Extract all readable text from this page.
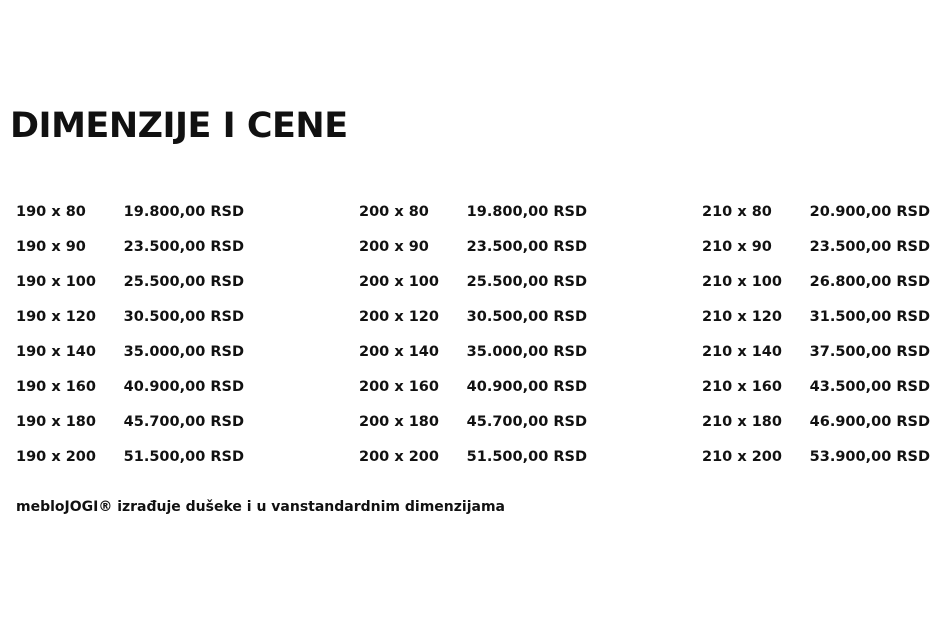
DIMENZIJE I CENE
190 x 80	19.800,00 RSD
190 x 90	23.500,00 RSD
190 x 100 25.500,00 RSD
190 x 120 30.500,00 RSD
190 x 140 35.000,00 RSD
190 x 160 40.900,00 RSD
190 x 180 45.700,00 RSD
190 x 200 51.500,00 RSD
200 x 80	19.800,00 RSD
200 x 90	23.500,00 RSD
200 x 100 25.500,00 RSD
200 x 120 30.500,00 RSD
200 x 140 35.000,00 RSD
200 x 160 40.900,00 RSD
200 x 180 45.700,00 RSD
200 x 200 51.500,00 RSD
210 x 80	20.900,00 RSD
210 x 90	23.500,00 RSD
210 x 100 26.800,00 RSD
210 x 120 31.500,00 RSD
210 x 140 37.500,00 RSD
210 x 160 43.500,00 RSD
210 x 180 46.900,00 RSD
210 x 200 53.900,00 RSD
mebloJOGI® izrađuje dušeke i u vanstandardnim dimenzijama
